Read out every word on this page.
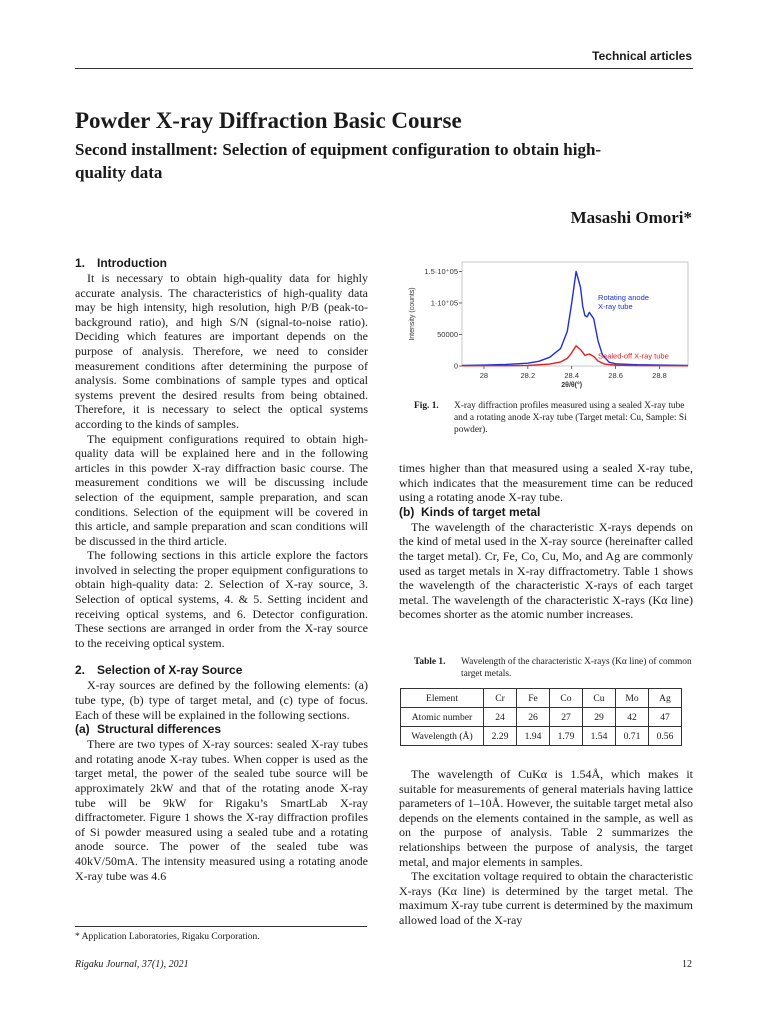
Technical articles
Powder X-ray Diffraction Basic Course
Second installment: Selection of equipment configuration to obtain high-quality data
Masashi Omori*
1. Introduction

It is necessary to obtain high-quality data for highly accurate analysis. The characteristics of high-quality data may be high intensity, high resolution, high P/B (peak-to-background ratio), and high S/N (signal-to-noise ratio). Deciding which features are important depends on the purpose of analysis. Therefore, we need to consider measurement conditions after determining the purpose of analysis. Some combinations of sample types and optical systems prevent the desired results from being obtained. Therefore, it is necessary to select the optical systems according to the kinds of samples.

The equipment configurations required to obtain high-quality data will be explained here and in the following articles in this powder X-ray diffraction basic course. The measurement conditions we will be discussing include selection of the equipment, sample preparation, and scan conditions. Selection of the equipment will be covered in this article, and sample preparation and scan conditions will be discussed in the third article.

The following sections in this article explore the factors involved in selecting the proper equipment configurations to obtain high-quality data: 2. Selection of X-ray source, 3. Selection of optical systems, 4. & 5. Setting incident and receiving optical systems, and 6. Detector configuration. These sections are arranged in order from the X-ray source to the receiving optical system.

2. Selection of X-ray Source

X-ray sources are defined by the following elements: (a) tube type, (b) type of target metal, and (c) type of focus. Each of these will be explained in the following sections.

(a) Structural differences

There are two types of X-ray sources: sealed X-ray tubes and rotating anode X-ray tubes. When copper is used as the target metal, the power of the sealed tube source will be approximately 2kW and that of the rotating anode X-ray tube will be 9kW for Rigaku’s SmartLab X-ray diffractometer. Figure 1 shows the X-ray diffraction profiles of Si powder measured using a sealed tube and a rotating anode source. The power of the sealed tube was 40kV/50mA. The intensity measured using a rotating anode X-ray tube was 4.6

* Application Laboratories, Rigaku Corporation.
0
50000
1·10⁺05
1.5·10⁺05
28	28.2	28.4	28.6	28.8
2θ/θ(°)
Intensity (counts)	Rotating anode
X-ray tube
Sealed-off X-ray tube
Fig. 1.	X-ray diffraction profiles measured using a sealed X-ray tube and a rotating anode X-ray tube (Target metal: Cu, Sample: Si powder).

times higher than that measured using a sealed X-ray tube, which indicates that the measurement time can be reduced using a rotating anode X-ray tube.

(b) Kinds of target metal

The wavelength of the characteristic X-rays depends on the kind of metal used in the X-ray source (hereinafter called the target metal). Cr, Fe, Co, Cu, Mo, and Ag are commonly used as target metals in X-ray diffractometry. Table 1 shows the wavelength of the characteristic X-rays of each target metal. The wavelength of the characteristic X-rays (Kα line) becomes shorter as the atomic number increases.

Table 1.	Wavelength of the characteristic X-rays (Kα line) of common target metals.
Element	Cr	Fe	Co	Cu	Mo	Ag
Atomic number	24	26	27	29	42	47
Wavelength (Å)	2.29	1.94	1.79	1.54	0.71	0.56

The wavelength of CuKα is 1.54Å, which makes it suitable for measurements of general materials having lattice parameters of 1–10Å. However, the suitable target metal also depends on the elements contained in the sample, as well as on the purpose of analysis. Table 2 summarizes the relationships between the purpose of analysis, the target metal, and major elements in samples.

The excitation voltage required to obtain the characteristic X-rays (Kα line) is determined by the target metal. The maximum X-ray tube current is determined by the maximum allowed load of the X-ray

Rigaku Journal, 37(1), 2021	12
